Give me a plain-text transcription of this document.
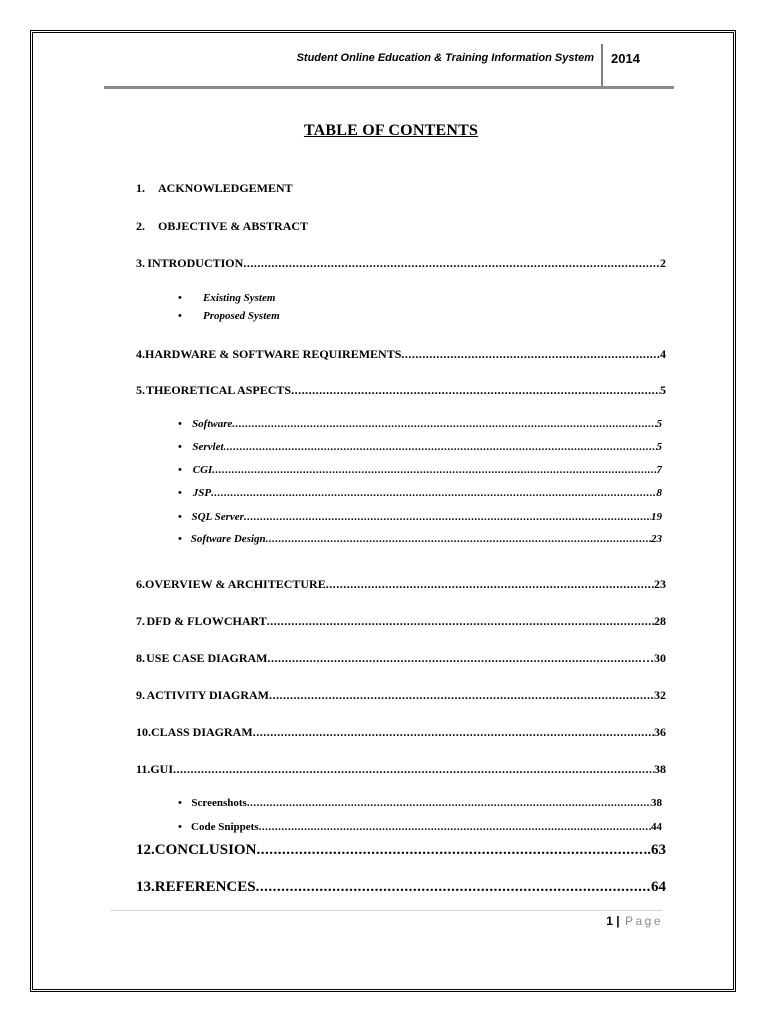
Student Online Education & Training Information System 2014
TABLE OF CONTENTS
1. ACKNOWLEDGEMENT
2. OBJECTIVE & ABSTRACT
3. INTRODUCTION .....	2
• Existing System
• Proposed System
4. HARDWARE & SOFTWARE REQUIREMENTS .....	4
5. THEORETICAL ASPECTS .....	5
• Software .....	5
• Servlet .....	5
• CGI .....	7
• JSP .....	8
• SQL Server .....	19
• Software Design .....	23
6. OVERVIEW & ARCHITECTURE .....	23
7. DFD & FLOWCHART .....	28
8. USE CASE DIAGRAM .....	…30
9. ACTIVITY DIAGRAM .....	32
10. CLASS DIAGRAM .....	36
11. GUI .....	38
• Screenshots .....	38
• Code Snippets .....	44
12. CONCLUSION .....	..63
13. REFERENCES .....	64
1 | Page
